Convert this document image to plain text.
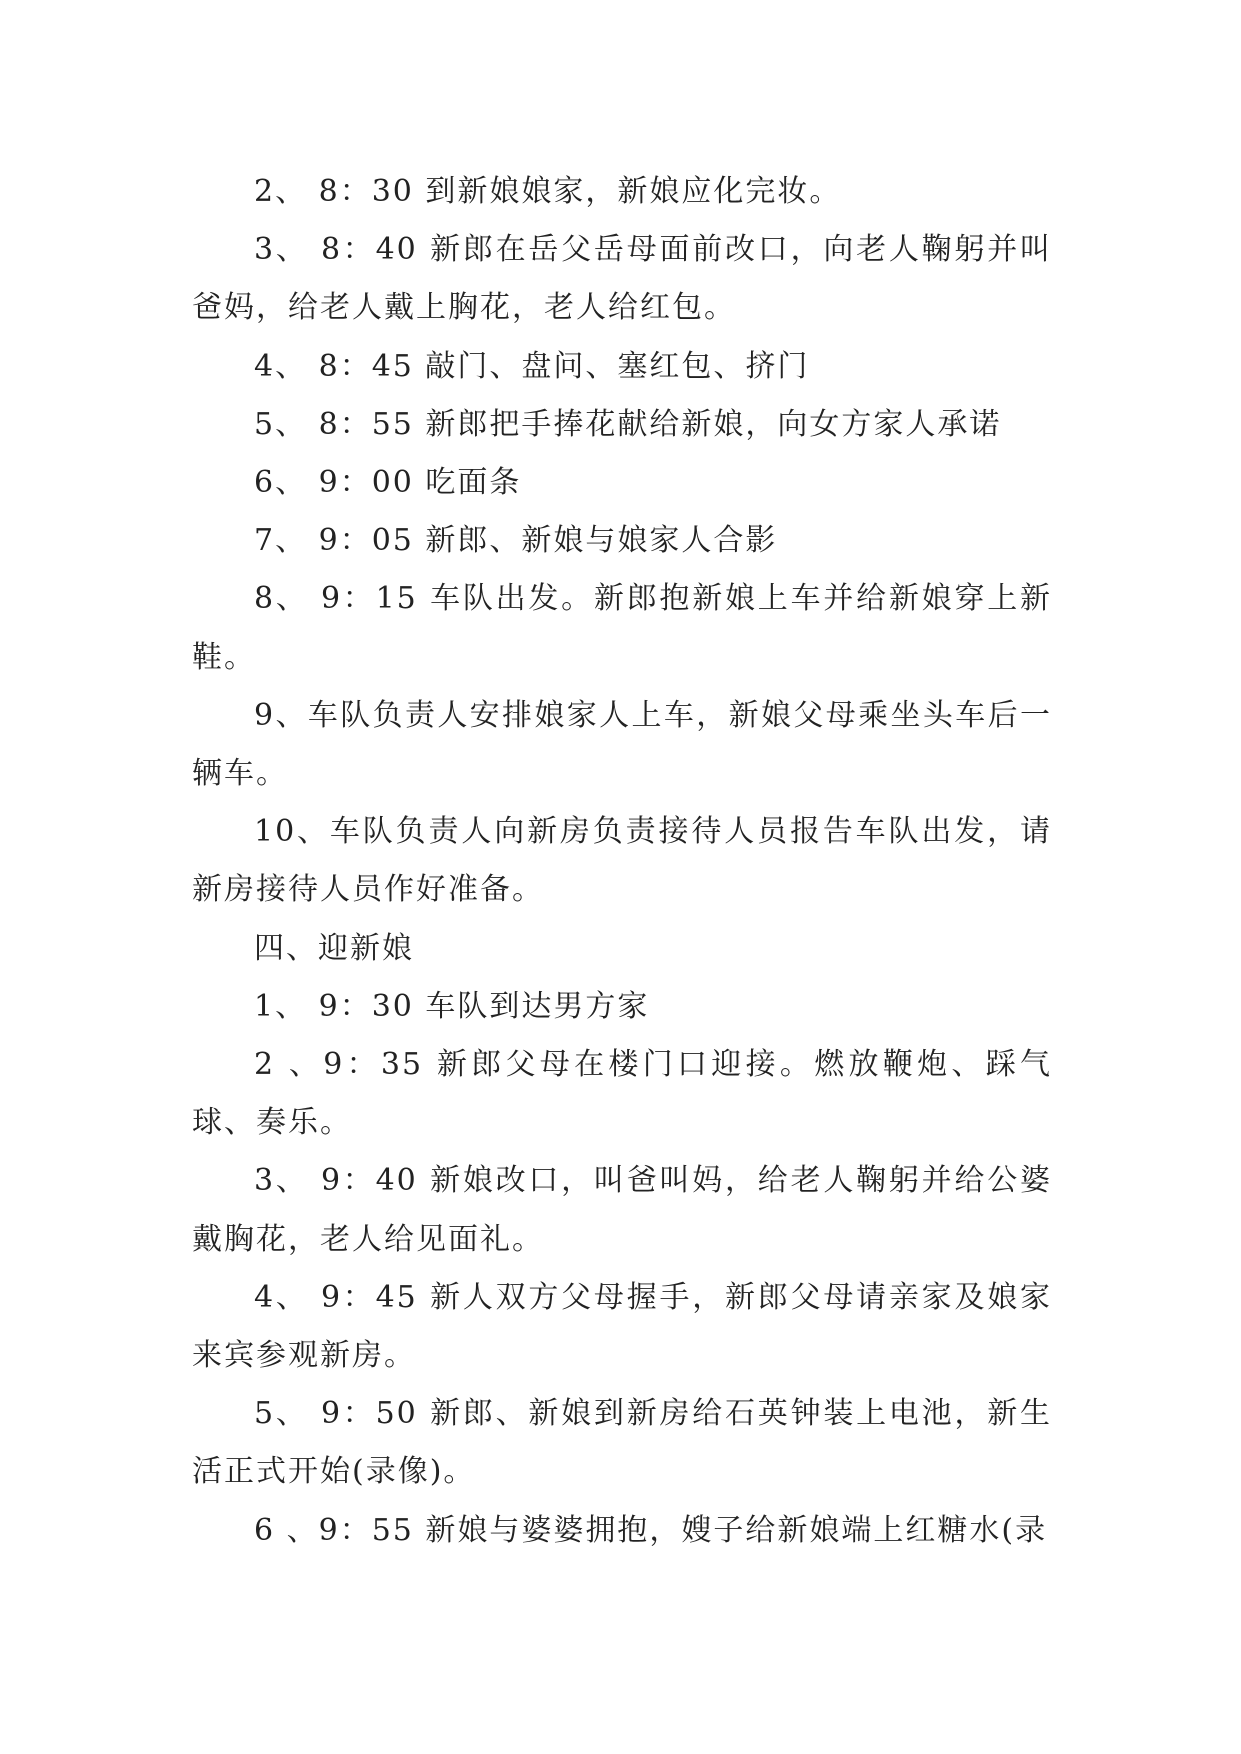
2、 8：30 到新娘娘家，新娘应化完妆。

3、 8：40 新郎在岳父岳母面前改口，向老人鞠躬并叫爸妈，给老人戴上胸花，老人给红包。

4、 8：45 敲门、盘问、塞红包、挤门

5、 8：55 新郎把手捧花献给新娘，向女方家人承诺

6、 9：00 吃面条

7、 9：05 新郎、新娘与娘家人合影

8、 9：15 车队出发。新郎抱新娘上车并给新娘穿上新鞋。

9、车队负责人安排娘家人上车，新娘父母乘坐头车后一辆车。

10、车队负责人向新房负责接待人员报告车队出发，请新房接待人员作好准备。

四、迎新娘

1、 9：30 车队到达男方家

2 、9：35 新郎父母在楼门口迎接。燃放鞭炮、踩气球、奏乐。

3、 9：40 新娘改口，叫爸叫妈，给老人鞠躬并给公婆戴胸花，老人给见面礼。

4、 9：45 新人双方父母握手，新郎父母请亲家及娘家来宾参观新房。

5、 9：50 新郎、新娘到新房给石英钟装上电池，新生活正式开始(录像)。

6 、9：55 新娘与婆婆拥抱，嫂子给新娘端上红糖水(录
